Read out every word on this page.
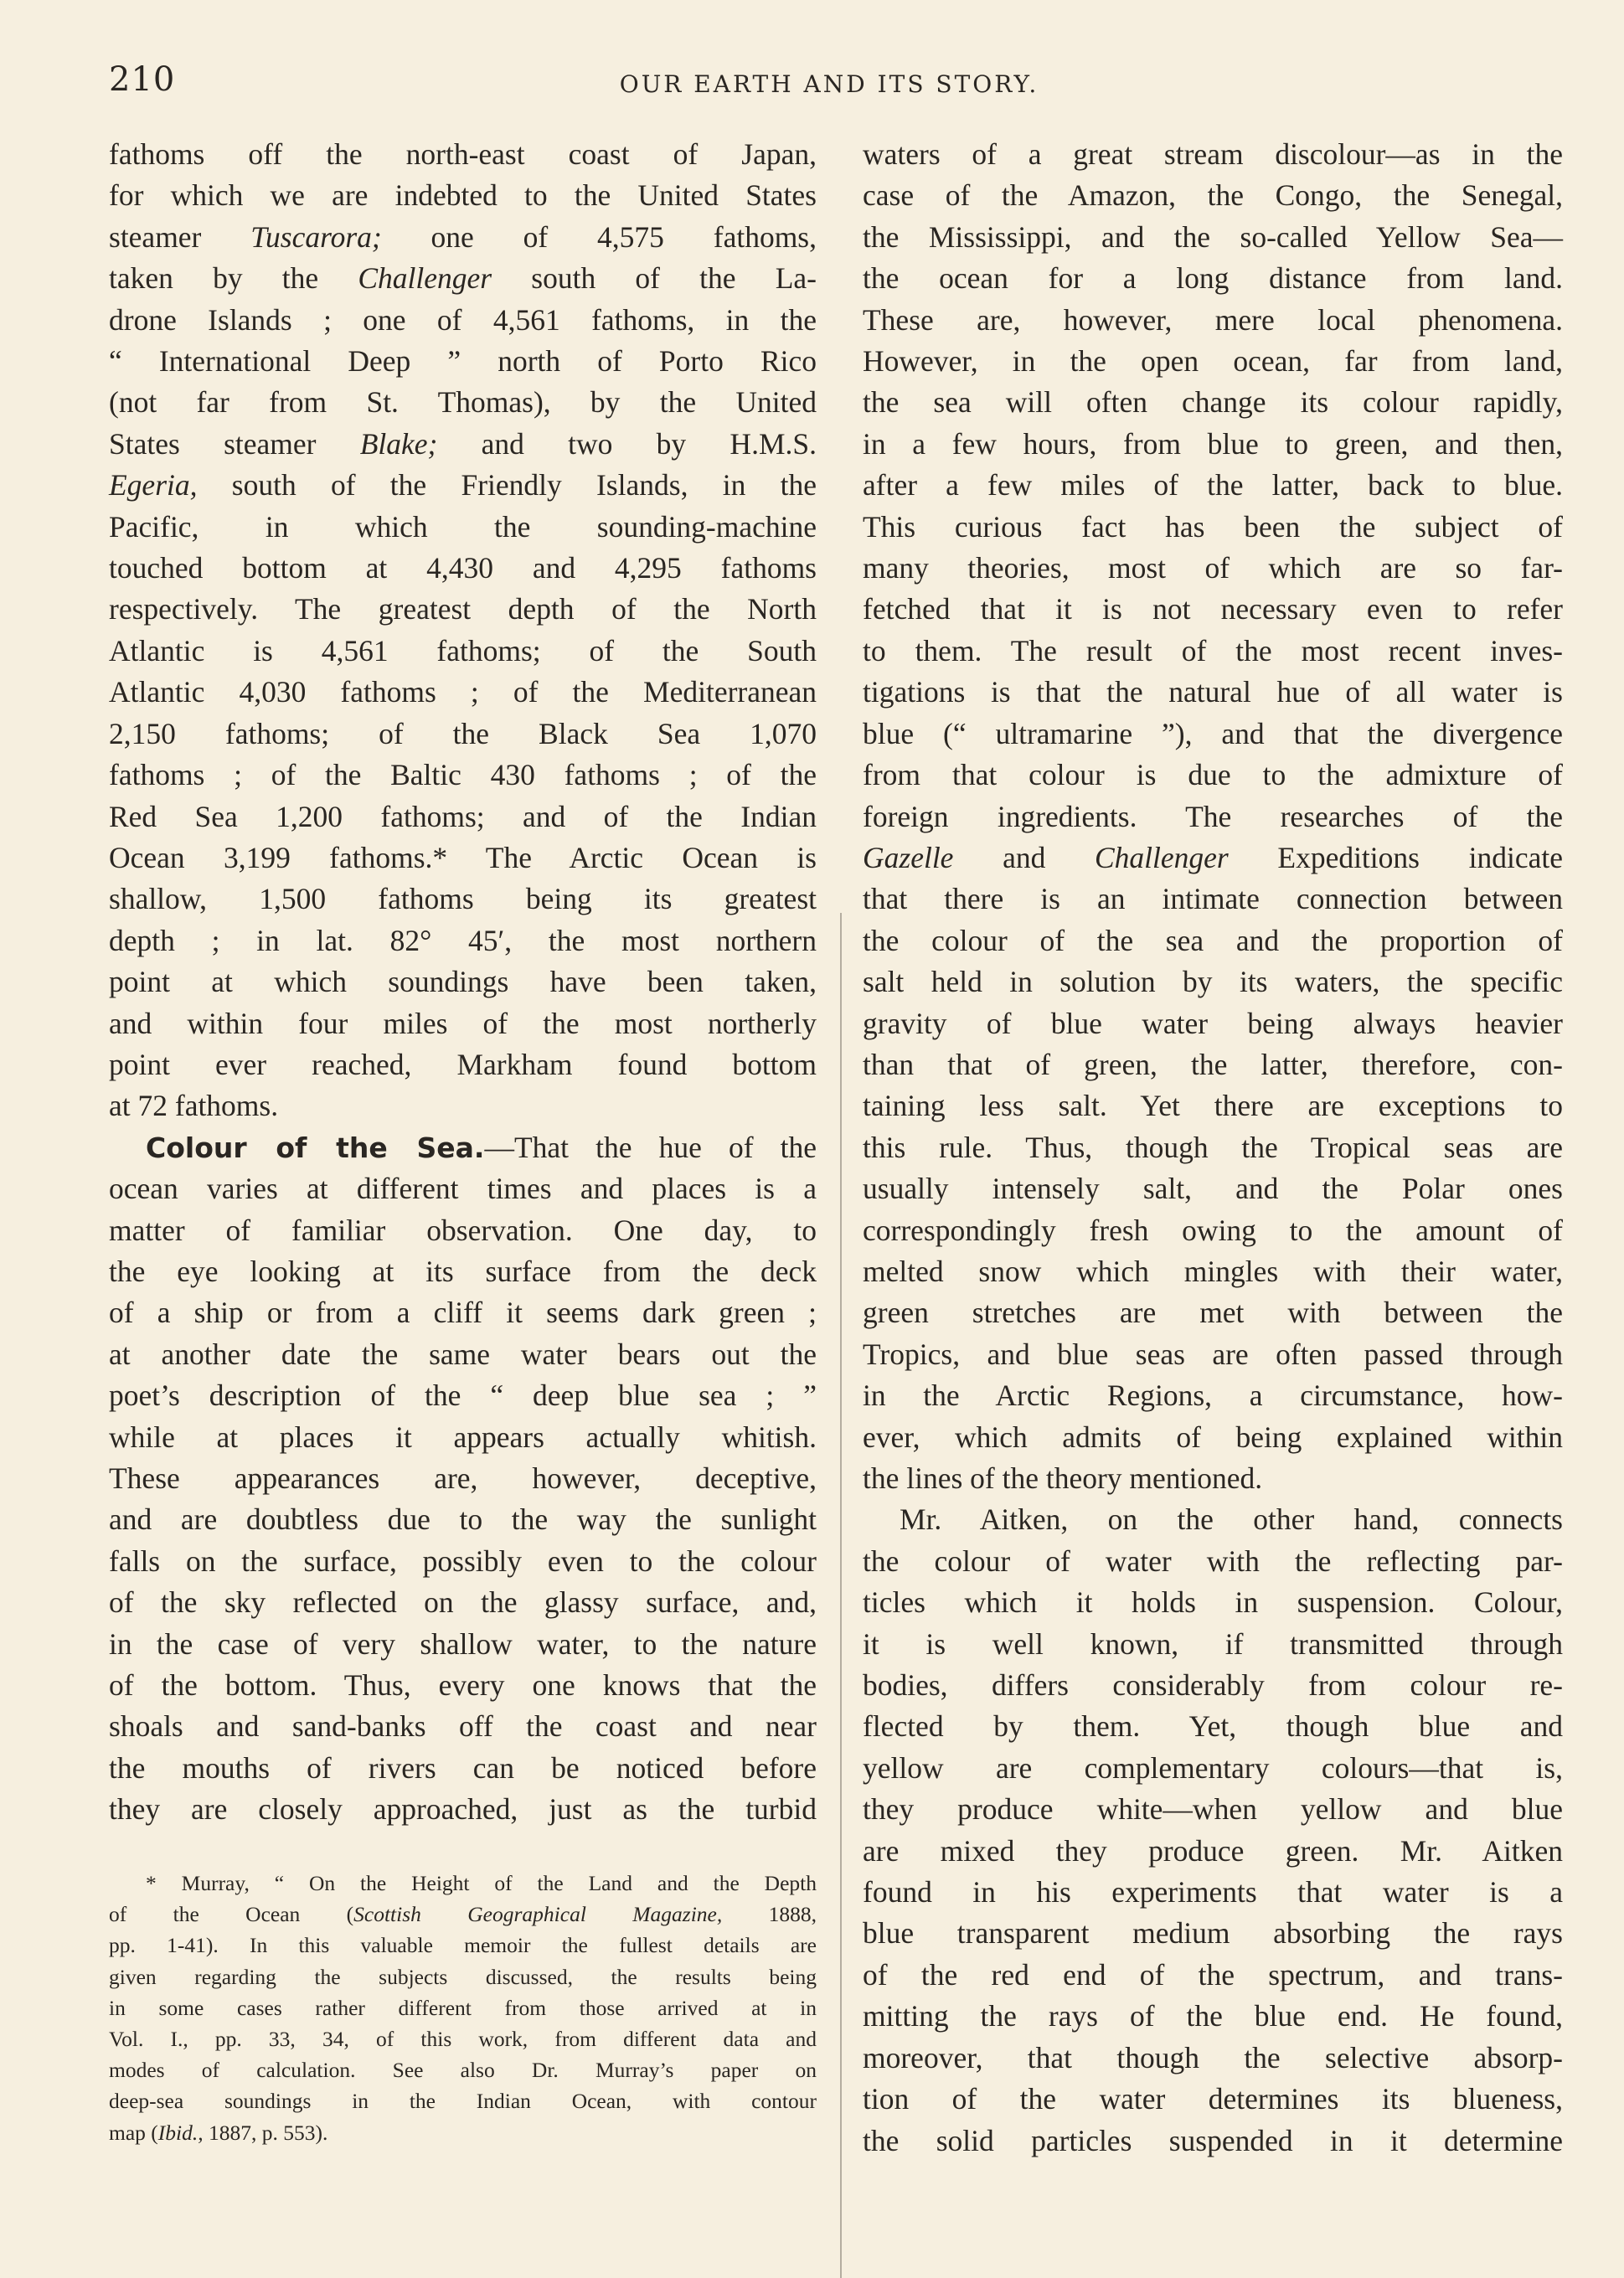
210	OUR EARTH AND ITS STORY.

fathoms off the north-east coast of Japan,
for which we are indebted to the United States
steamer Tuscarora; one of 4,575 fathoms,
taken by the Challenger south of the La-
drone Islands ; one of 4,561 fathoms, in the
“ International Deep ” north of Porto Rico
(not far from St. Thomas), by the United
States steamer Blake; and two by H.M.S.
Egeria, south of the Friendly Islands, in the
Pacific, in which the sounding-machine
touched bottom at 4,430 and 4,295 fathoms
respectively. The greatest depth of the North
Atlantic is 4,561 fathoms; of the South
Atlantic 4,030 fathoms ; of the Mediterranean
2,150 fathoms; of the Black Sea 1,070
fathoms ; of the Baltic 430 fathoms ; of the
Red Sea 1,200 fathoms; and of the Indian
Ocean 3,199 fathoms.* The Arctic Ocean is
shallow, 1,500 fathoms being its greatest
depth ; in lat. 82° 45′, the most northern
point at which soundings have been taken,
and within four miles of the most northerly
point ever reached, Markham found bottom
at 72 fathoms.

Colour of the Sea.—That the hue of the

ocean varies at different times and places is a
matter of familiar observation. One day, to
the eye looking at its surface from the deck
of a ship or from a cliff it seems dark green ;
at another date the same water bears out the
poet’s description of the “ deep blue sea ; ”
while at places it appears actually whitish.
These appearances are, however, deceptive,
and are doubtless due to the way the sunlight
falls on the surface, possibly even to the colour
of the sky reflected on the glassy surface, and,
in the case of very shallow water, to the nature
of the bottom. Thus, every one knows that the
shoals and sand-banks off the coast and near
the mouths of rivers can be noticed before
they are closely approached, just as the turbid

* Murray, “ On the Height of the Land and the Depth
of the Ocean (Scottish Geographical Magazine, 1888,
pp. 1-41). In this valuable memoir the fullest details are
given regarding the subjects discussed, the results being
in some cases rather different from those arrived at in
Vol. I., pp. 33, 34, of this work, from different data and
modes of calculation. See also Dr. Murray’s paper on
deep-sea soundings in the Indian Ocean, with contour
map (Ibid., 1887, p. 553).

waters of a great stream discolour—as in the
case of the Amazon, the Congo, the Senegal,
the Mississippi, and the so-called Yellow Sea—
the ocean for a long distance from land.
These are, however, mere local phenomena.
However, in the open ocean, far from land,
the sea will often change its colour rapidly,
in a few hours, from blue to green, and then,
after a few miles of the latter, back to blue.
This curious fact has been the subject of
many theories, most of which are so far-
fetched that it is not necessary even to refer
to them. The result of the most recent inves-
tigations is that the natural hue of all water is
blue (“ ultramarine ”), and that the divergence
from that colour is due to the admixture of
foreign ingredients. The researches of the
Gazelle and Challenger Expeditions indicate
that there is an intimate connection between
the colour of the sea and the proportion of
salt held in solution by its waters, the specific
gravity of blue water being always heavier
than that of green, the latter, therefore, con-
taining less salt. Yet there are exceptions to
this rule. Thus, though the Tropical seas are
usually intensely salt, and the Polar ones
correspondingly fresh owing to the amount of
melted snow which mingles with their water,
green stretches are met with between the
Tropics, and blue seas are often passed through
in the Arctic Regions, a circumstance, how-
ever, which admits of being explained within
the lines of the theory mentioned.

Mr. Aitken, on the other hand, connects
the colour of water with the reflecting par-
ticles which it holds in suspension. Colour,
it is well known, if transmitted through
bodies, differs considerably from colour re-
flected by them. Yet, though blue and
yellow are complementary colours—that is,
they produce white—when yellow and blue
are mixed they produce green. Mr. Aitken
found in his experiments that water is a
blue transparent medium absorbing the rays
of the red end of the spectrum, and trans-
mitting the rays of the blue end. He found,
moreover, that though the selective absorp-
tion of the water determines its blueness,
the solid particles suspended in it determine
